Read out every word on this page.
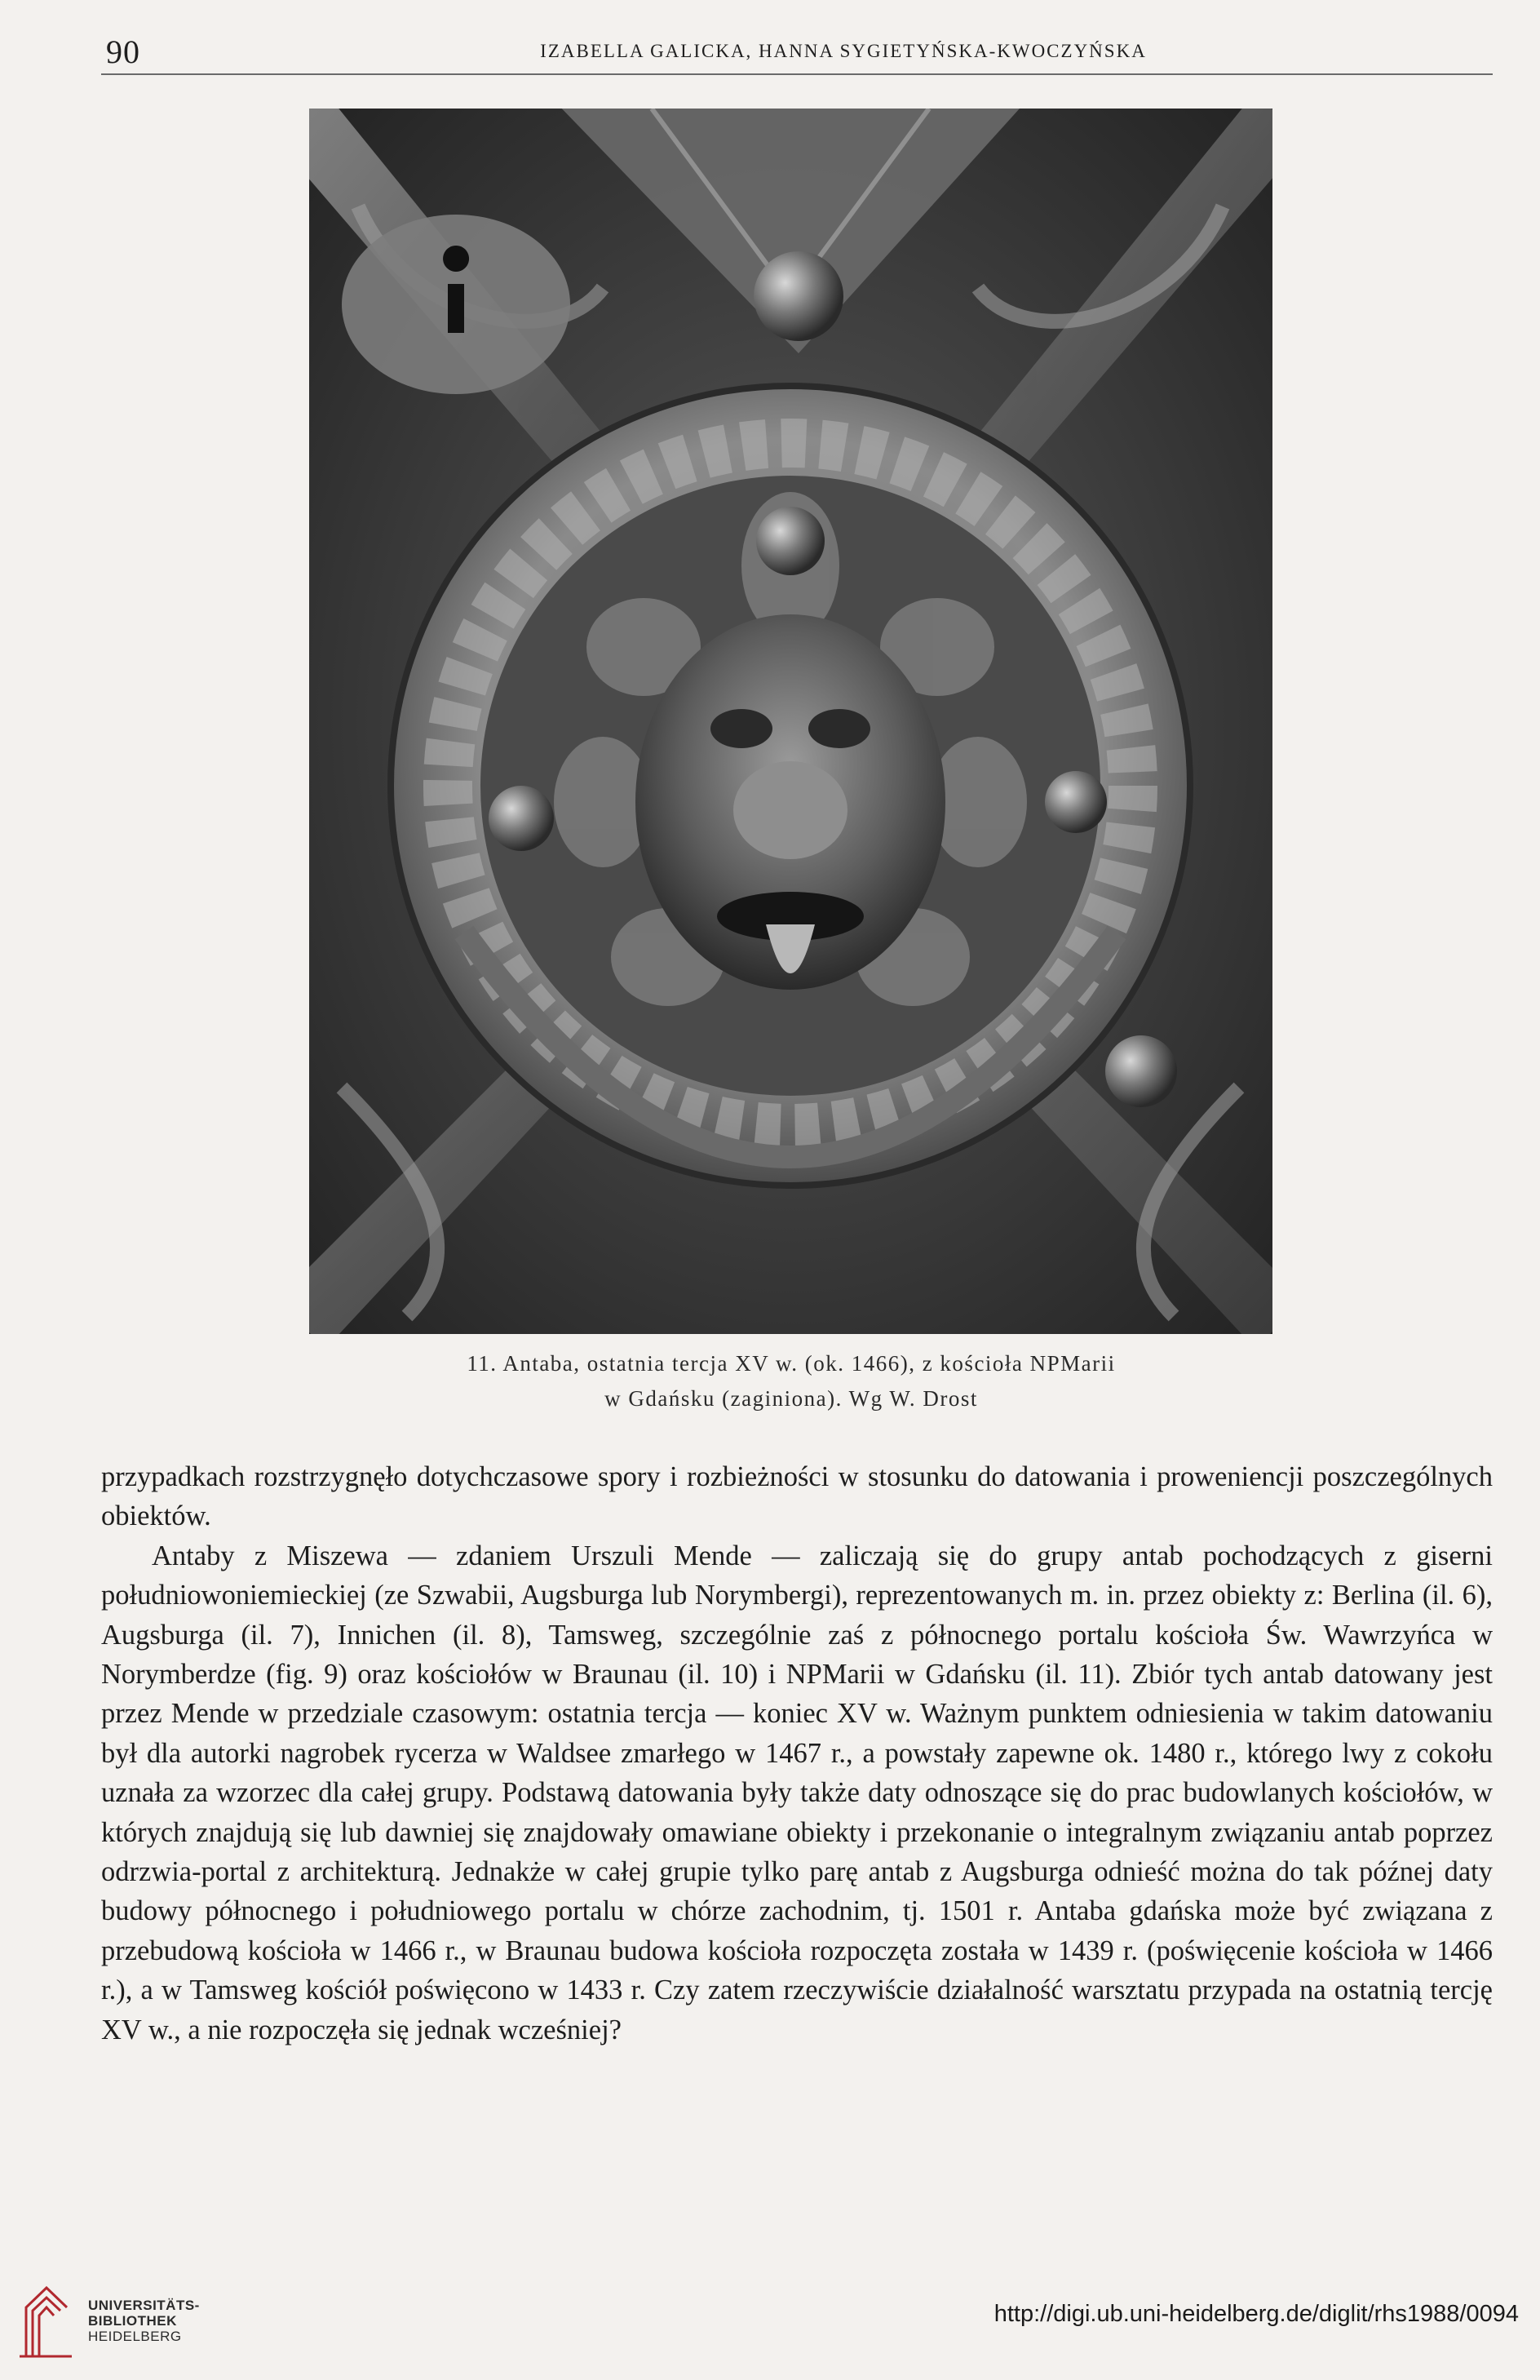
90	IZABELLA GALICKA, HANNA SYGIETYŃSKA-KWOCZYŃSKA
11. Antaba, ostatnia tercja XV w. (ok. 1466), z kościoła NPMarii
w Gdańsku (zaginiona). Wg W. Drost

przypadkach rozstrzygnęło dotychczasowe spory i rozbieżności w stosunku do datowania i proweniencji poszczególnych obiektów.

Antaby z Miszewa — zdaniem Urszuli Mende — zaliczają się do grupy antab pochodzących z giserni południowoniemieckiej (ze Szwabii, Augsburga lub Norymbergi), reprezentowanych m. in. przez obiekty z: Berlina (il. 6), Augsburga (il. 7), Innichen (il. 8), Tamsweg, szczególnie zaś z północnego portalu kościoła Św. Wawrzyńca w Norymberdze (fig. 9) oraz kościołów w Braunau (il. 10) i NPMarii w Gdańsku (il. 11). Zbiór tych antab datowany jest przez Mende w przedziale czasowym: ostatnia tercja — koniec XV w. Ważnym punktem odniesienia w takim datowaniu był dla autorki nagrobek rycerza w Waldsee zmarłego w 1467 r., a powstały zapewne ok. 1480 r., którego lwy z cokołu uznała za wzorzec dla całej grupy. Podstawą datowania były także daty odnoszące się do prac budowlanych kościołów, w których znajdują się lub dawniej się znajdowały omawiane obiekty i przekonanie o integralnym związaniu antab poprzez odrzwia-portal z architekturą. Jednakże w całej grupie tylko parę antab z Augsburga odnieść można do tak późnej daty budowy północnego i południowego portalu w chórze zachodnim, tj. 1501 r. Antaba gdańska może być związana z przebudową kościoła w 1466 r., w Braunau budowa kościoła rozpoczęta została w 1439 r. (poświęcenie kościoła w 1466 r.), a w Tamsweg kościół poświęcono w 1433 r. Czy zatem rzeczywiście działalność warsztatu przypada na ostatnią tercję XV w., a nie rozpoczęła się jednak wcześniej?

UNIVERSITÄTS-
BIBLIOTHEK
HEIDELBERG
http://digi.ub.uni-heidelberg.de/diglit/rhs1988/0094
